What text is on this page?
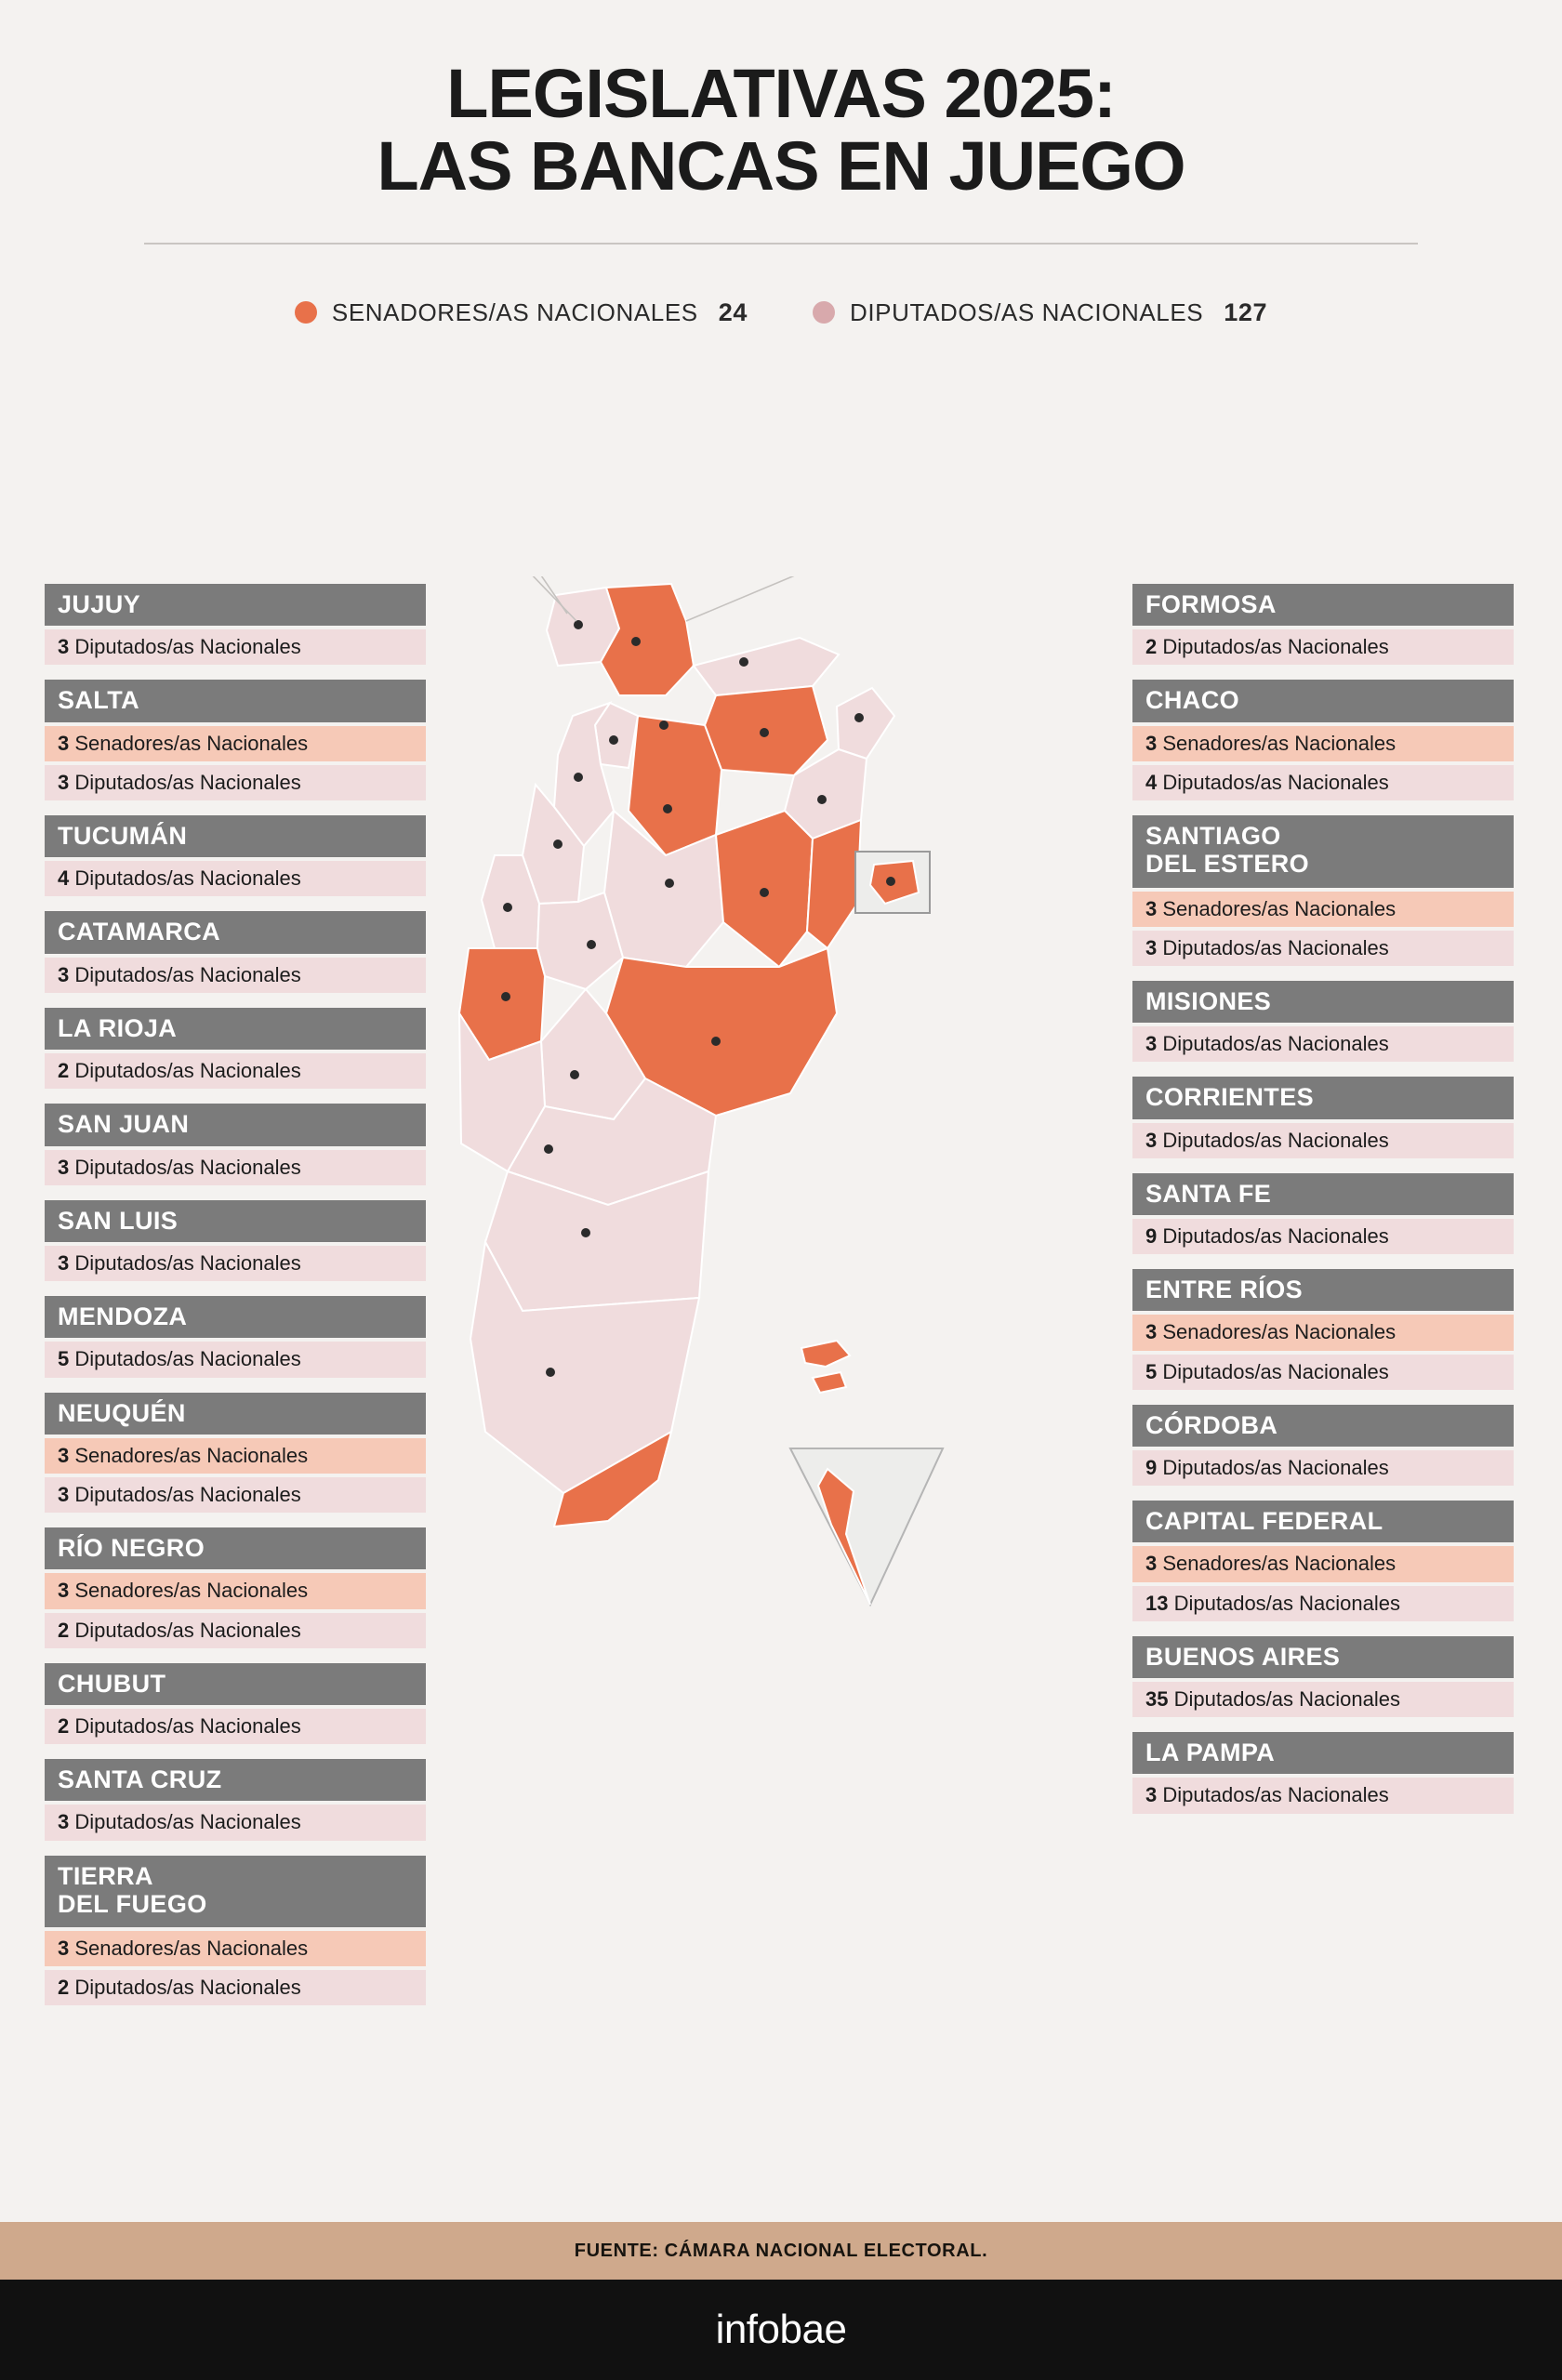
LEGISLATIVAS 2025:
LAS BANCAS EN JUEGO
SENADORES/AS NACIONALES 24	DIPUTADOS/AS NACIONALES 127
JUJUY
3 Diputados/as Nacionales
SALTA
3 Senadores/as Nacionales
3 Diputados/as Nacionales
TUCUMÁN
4 Diputados/as Nacionales
CATAMARCA
3 Diputados/as Nacionales
LA RIOJA
2 Diputados/as Nacionales
SAN JUAN
3 Diputados/as Nacionales
SAN LUIS
3 Diputados/as Nacionales
MENDOZA
5 Diputados/as Nacionales
NEUQUÉN
3 Senadores/as Nacionales
3 Diputados/as Nacionales
RÍO NEGRO
3 Senadores/as Nacionales
2 Diputados/as Nacionales
CHUBUT
2 Diputados/as Nacionales
SANTA CRUZ
3 Diputados/as Nacionales
TIERRA
DEL FUEGO
3 Senadores/as Nacionales
2 Diputados/as Nacionales
FORMOSA
2 Diputados/as Nacionales
CHACO
3 Senadores/as Nacionales
4 Diputados/as Nacionales
SANTIAGO
DEL ESTERO
3 Senadores/as Nacionales
3 Diputados/as Nacionales
MISIONES
3 Diputados/as Nacionales
CORRIENTES
3 Diputados/as Nacionales
SANTA FE
9 Diputados/as Nacionales
ENTRE RÍOS
3 Senadores/as Nacionales
5 Diputados/as Nacionales
CÓRDOBA
9 Diputados/as Nacionales
CAPITAL FEDERAL
3 Senadores/as Nacionales
13 Diputados/as Nacionales
BUENOS AIRES
35 Diputados/as Nacionales
LA PAMPA
3 Diputados/as Nacionales
FUENTE: CÁMARA NACIONAL ELECTORAL.
infobae
